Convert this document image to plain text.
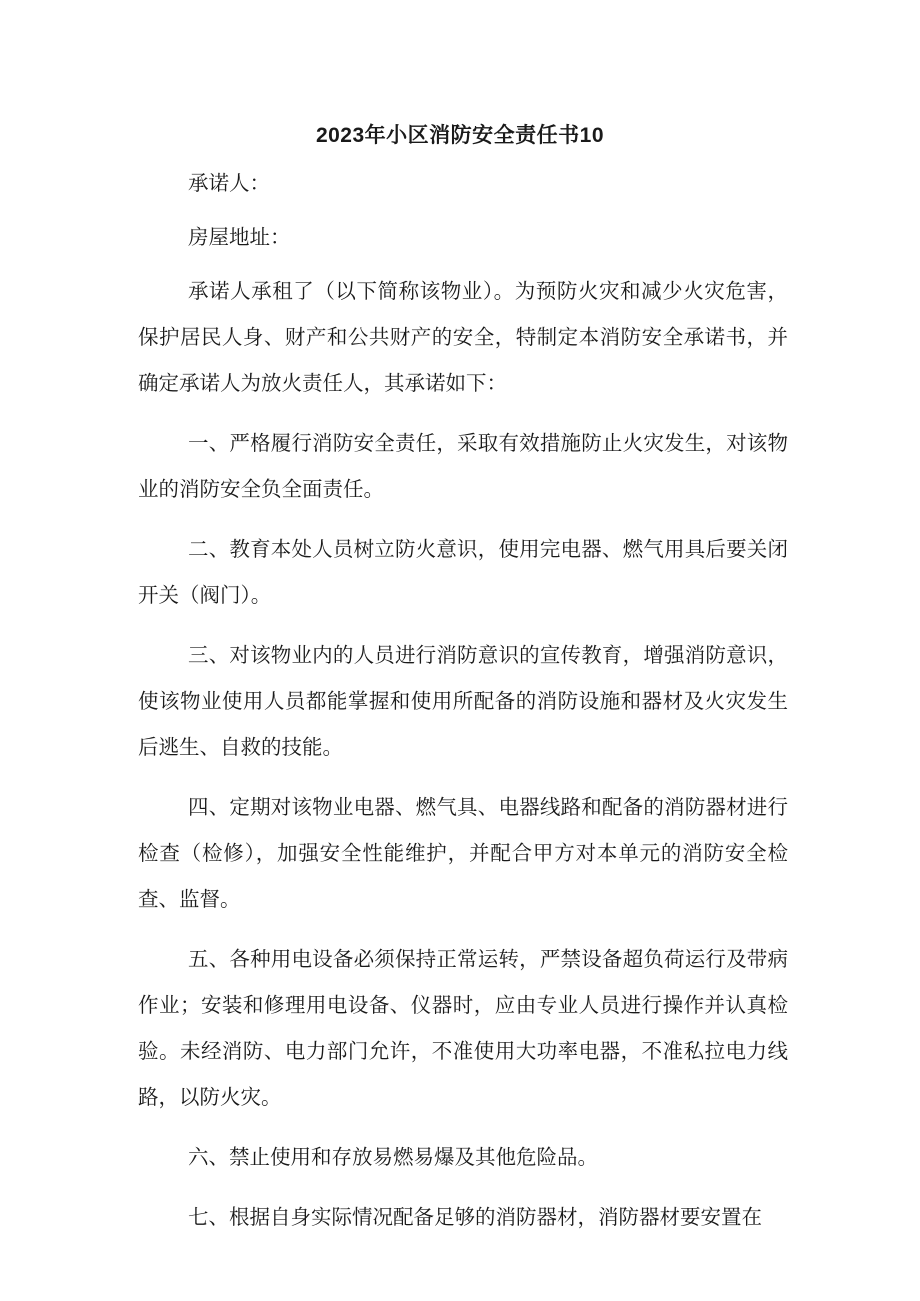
2023年小区消防安全责任书10

承诺人：

房屋地址：

承诺人承租了（以下简称该物业）。为预防火灾和减少火灾危害，保护居民人身、财产和公共财产的安全，特制定本消防安全承诺书，并确定承诺人为放火责任人，其承诺如下：

一、严格履行消防安全责任，采取有效措施防止火灾发生，对该物业的消防安全负全面责任。

二、教育本处人员树立防火意识，使用完电器、燃气用具后要关闭开关（阀门）。

三、对该物业内的人员进行消防意识的宣传教育，增强消防意识，使该物业使用人员都能掌握和使用所配备的消防设施和器材及火灾发生后逃生、自救的技能。

四、定期对该物业电器、燃气具、电器线路和配备的消防器材进行检查（检修），加强安全性能维护，并配合甲方对本单元的消防安全检查、监督。

五、各种用电设备必须保持正常运转，严禁设备超负荷运行及带病作业；安装和修理用电设备、仪器时，应由专业人员进行操作并认真检验。未经消防、电力部门允许，不准使用大功率电器，不准私拉电力线路，以防火灾。

六、禁止使用和存放易燃易爆及其他危险品。

七、根据自身实际情况配备足够的消防器材，消防器材要安置在
